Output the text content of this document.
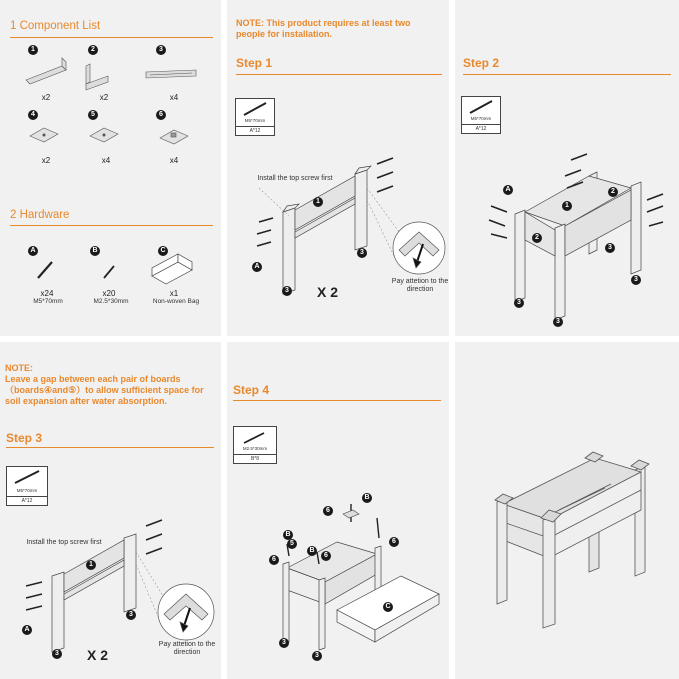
1 Component List
1	2	3
x2	x2	x4
4	5	6
x2	x4	x4
2 Hardware
A	B	C
x24	x20	x1
M5*70mm	M2.5*30mm	Non-woven Bag
NOTE: This product requires at least two people for installation.
Step 1
M5*70mm
A*12
Install the top screw first
1
3
3
A
X 2
Pay attetion to the direction
Step 2
M5*70mm
A*12
A
1
2
2
3
3
3
3
NOTE:
Leave a gap between each pair of boards（boards④and⑤）to allow sufficient space for soil expansion after water absorption.
Step 3
M5*70mm
A*12
Install the top screw first
1
3
3
A
X 2
Pay attetion to the direction
Step 4
M2.5*30mm
B*8
6
B
B
5
6
B
6
6
C
3
3
